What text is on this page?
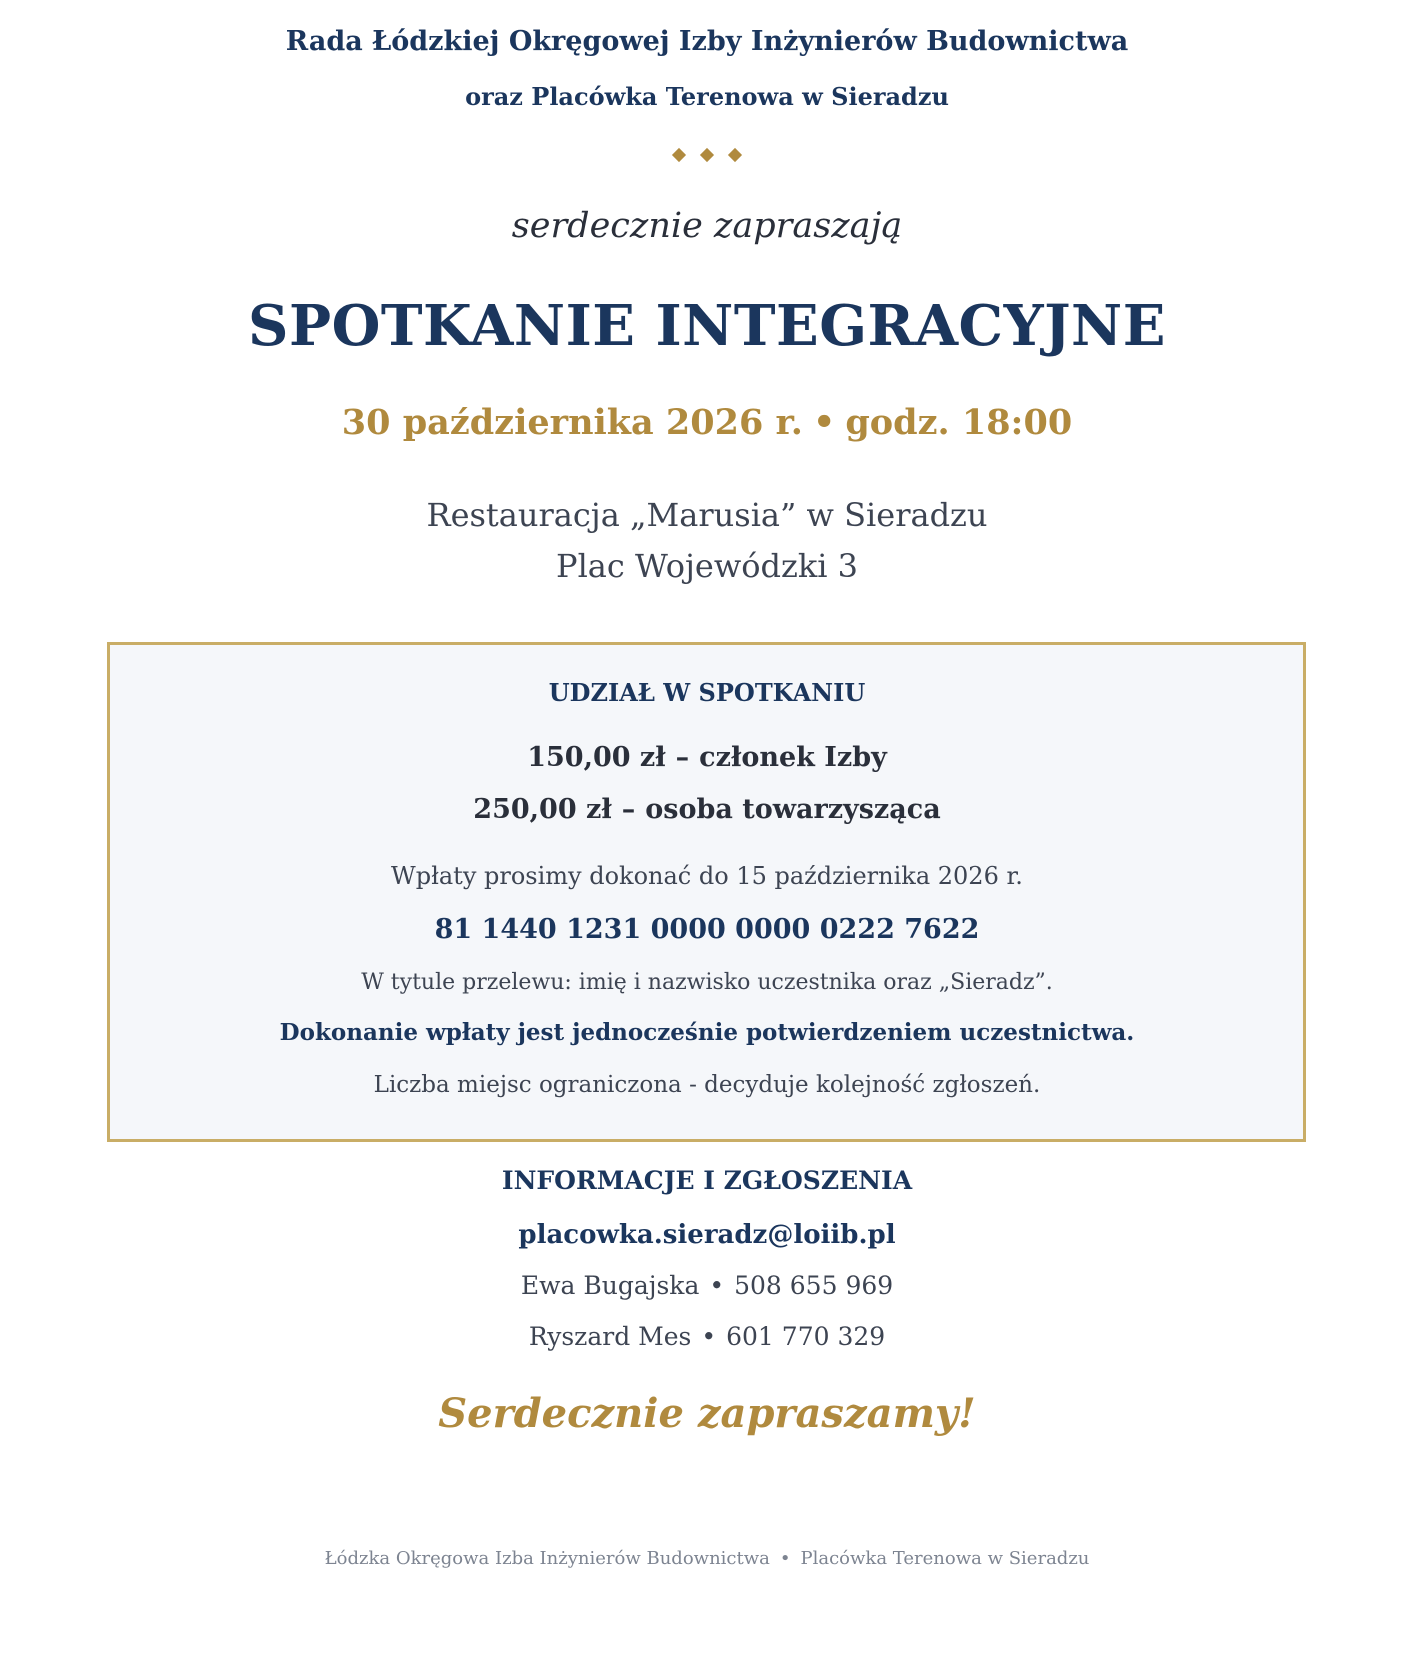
Rada Łódzkiej Okręgowej Izby Inżynierów Budownictwa
oraz Placówka Terenowa w Sieradzu
serdecznie zapraszają
SPOTKANIE INTEGRACYJNE
30 października 2026 r. • godz. 18:00
Restauracja „Marusia” w Sieradzu
Plac Wojewódzki 3
UDZIAŁ W SPOTKANIU
150,00 zł – członek Izby
250,00 zł – osoba towarzysząca
Wpłaty prosimy dokonać do 15 października 2026 r.
81 1440 1231 0000 0000 0222 7622
W tytule przelewu: imię i nazwisko uczestnika oraz „Sieradz”.
Dokonanie wpłaty jest jednocześnie potwierdzeniem uczestnictwa.
Liczba miejsc ograniczona - decyduje kolejność zgłoszeń.
INFORMACJE I ZGŁOSZENIA
placowka.sieradz@loiib.pl
Ewa Bugajska • 508 655 969
Ryszard Mes • 601 770 329
Serdecznie zapraszamy!
Łódzka Okręgowa Izba Inżynierów Budownictwa • Placówka Terenowa w Sieradzu
